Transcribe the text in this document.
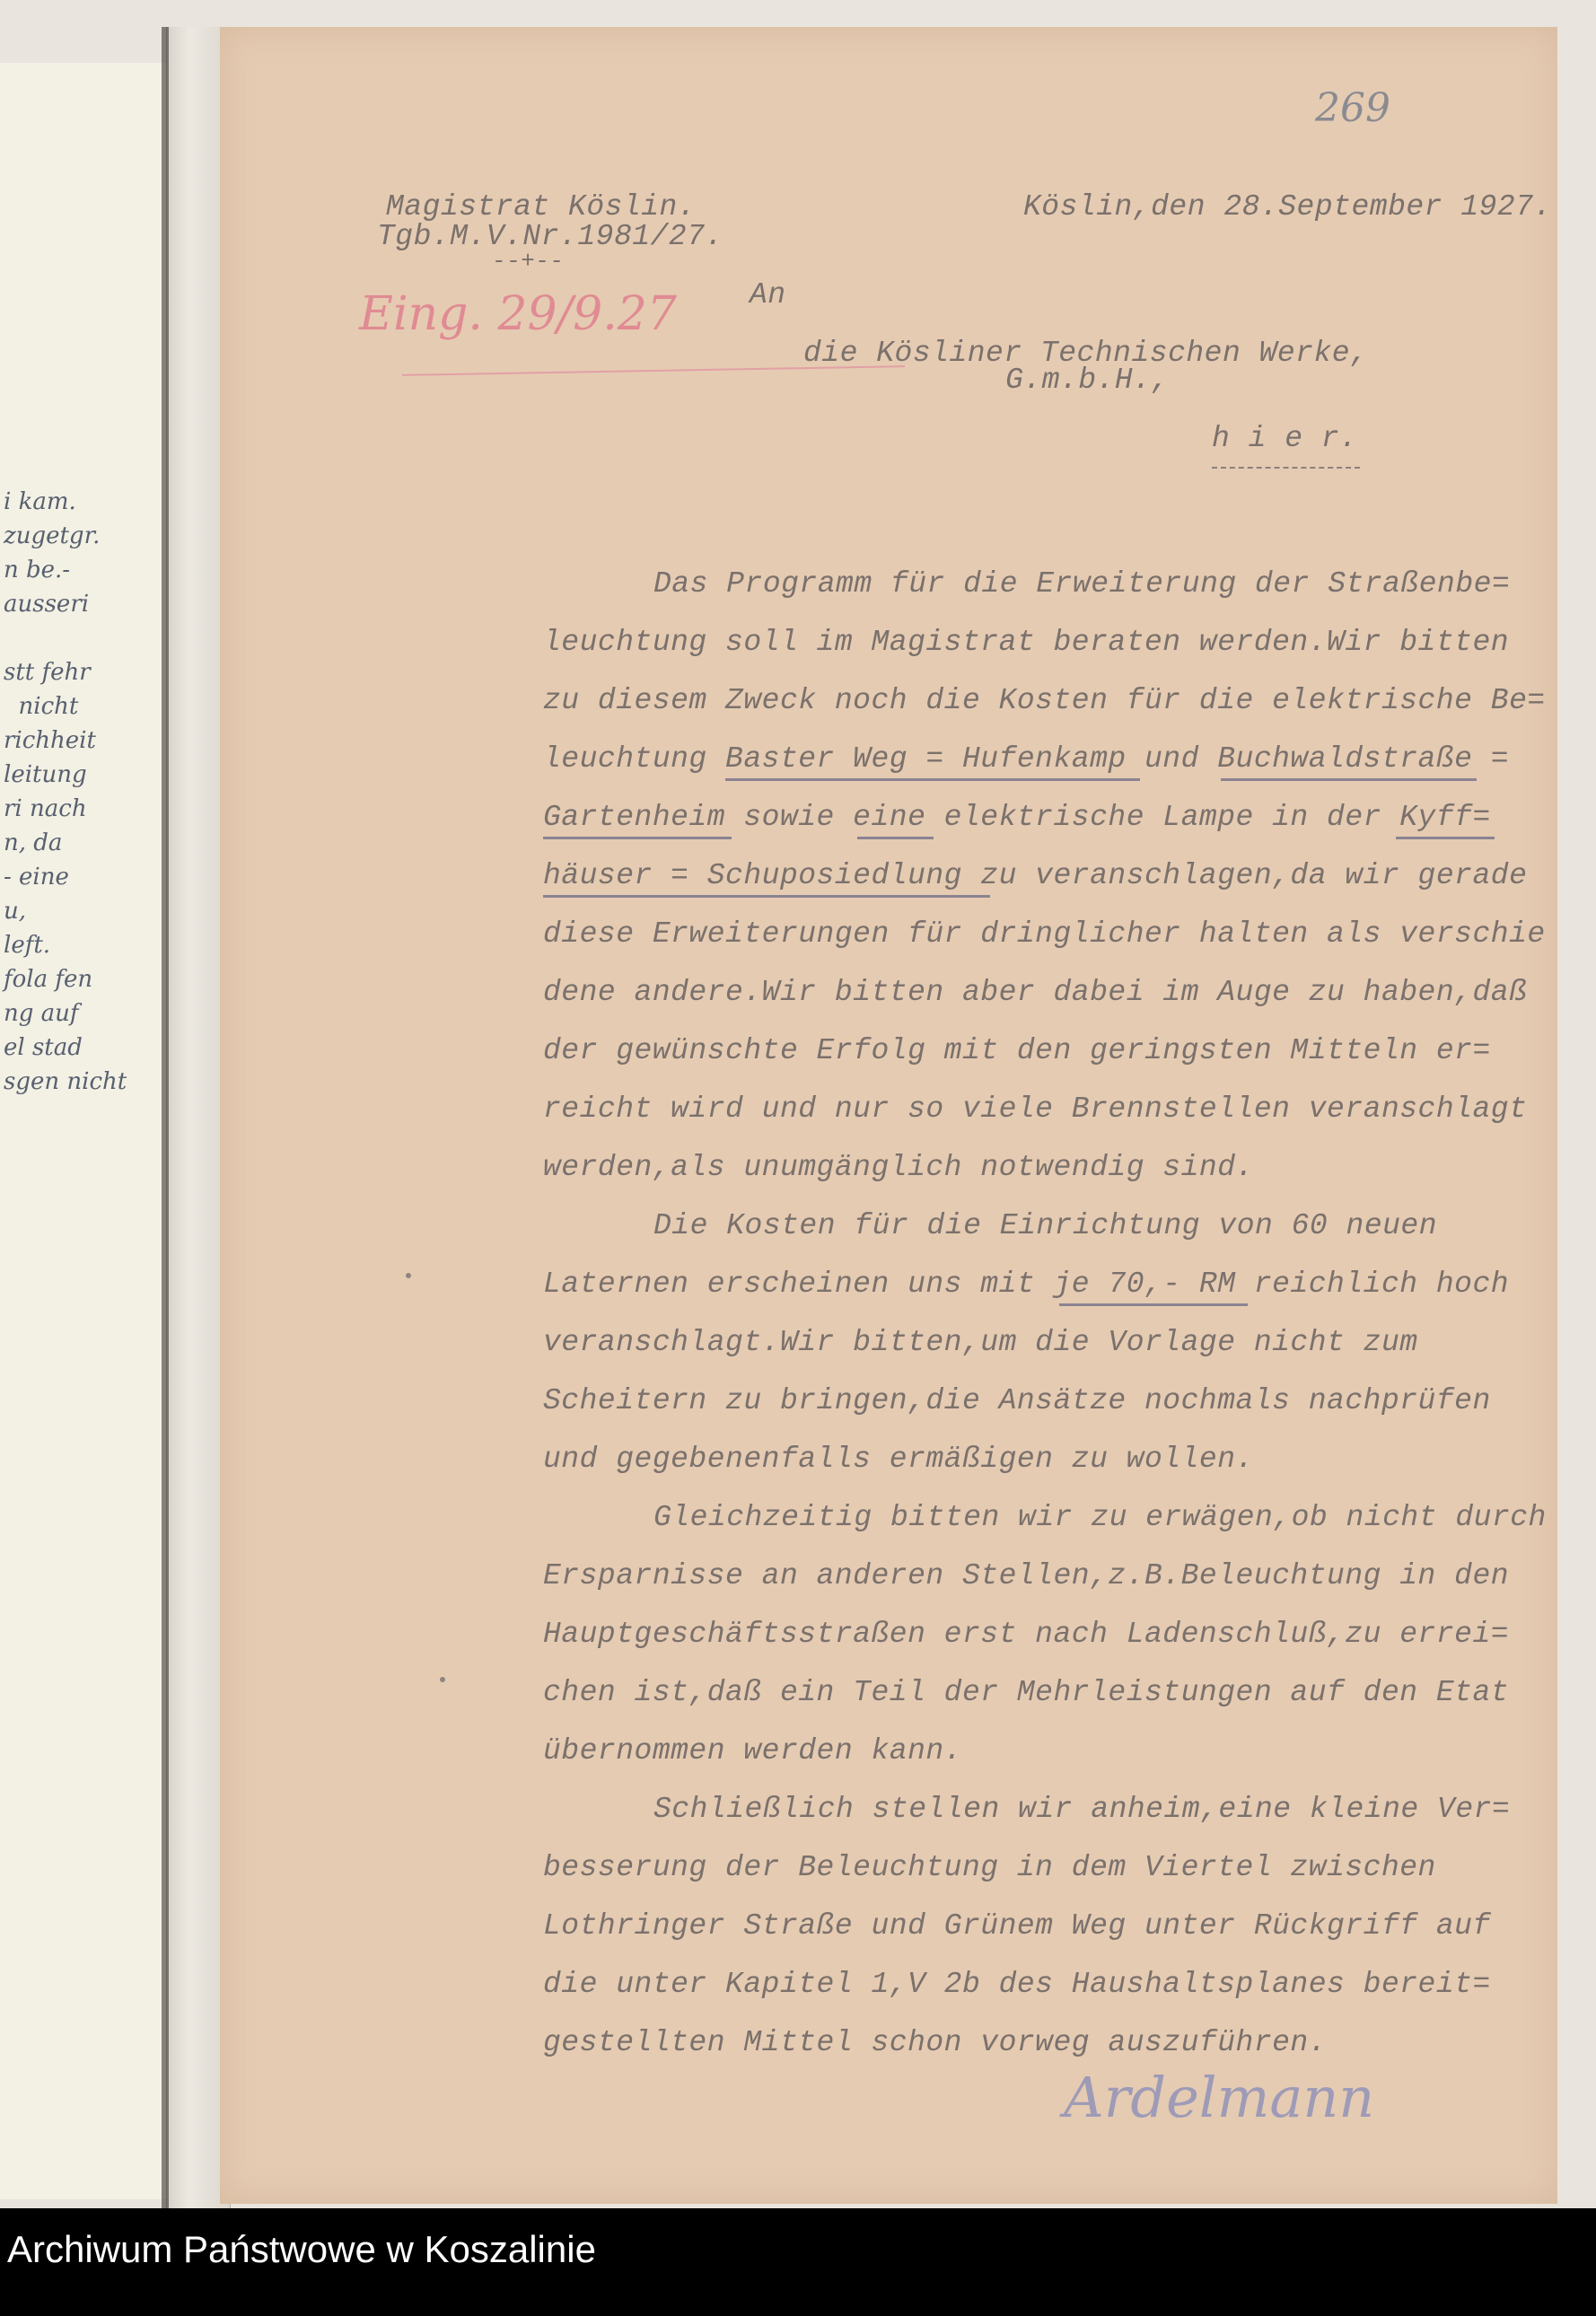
i kam.
zugetgr.
n be.-
ausseri

stt fehr
nicht
richheit
leitung
ri nach
n, da
- eine
u,
left.
fola fen
ng auf
el stad
sgen nicht
269
Magistrat Köslin.
Tgb.M.V.Nr.1981/27.
--+--
Köslin,den 28.September 1927.
Eing. 29/9.27 An
die Kösliner Technischen Werke,
G.m.b.H.,
h i e r.
Das Programm für die Erweiterung der Straßenbe=
leuchtung soll im Magistrat beraten werden.Wir bitten
zu diesem Zweck noch die Kosten für die elektrische Be=
leuchtung Baster Weg = Hufenkamp und Buchwaldstraße =
Gartenheim sowie eine elektrische Lampe in der Kyff=
häuser = Schuposiedlung zu veranschlagen,da wir gerade
diese Erweiterungen für dringlicher halten als verschie
dene andere.Wir bitten aber dabei im Auge zu haben,daß
der gewünschte Erfolg mit den geringsten Mitteln er=
reicht wird und nur so viele Brennstellen veranschlagt
werden,als unumgänglich notwendig sind.
Die Kosten für die Einrichtung von 60 neuen
Laternen erscheinen uns mit je 70,- RM reichlich hoch
veranschlagt.Wir bitten,um die Vorlage nicht zum
Scheitern zu bringen,die Ansätze nochmals nachprüfen
und gegebenenfalls ermäßigen zu wollen.
Gleichzeitig bitten wir zu erwägen,ob nicht durch
Ersparnisse an anderen Stellen,z.B.Beleuchtung in den
Hauptgeschäftsstraßen erst nach Ladenschluß,zu errei=
chen ist,daß ein Teil der Mehrleistungen auf den Etat
übernommen werden kann.
Schließlich stellen wir anheim,eine kleine Ver=
besserung der Beleuchtung in dem Viertel zwischen
Lothringer Straße und Grünem Weg unter Rückgriff auf
die unter Kapitel 1,V 2b des Haushaltsplanes bereit=
gestellten Mittel schon vorweg auszuführen.
Ardelmann
Archiwum Państwowe w Koszalinie
